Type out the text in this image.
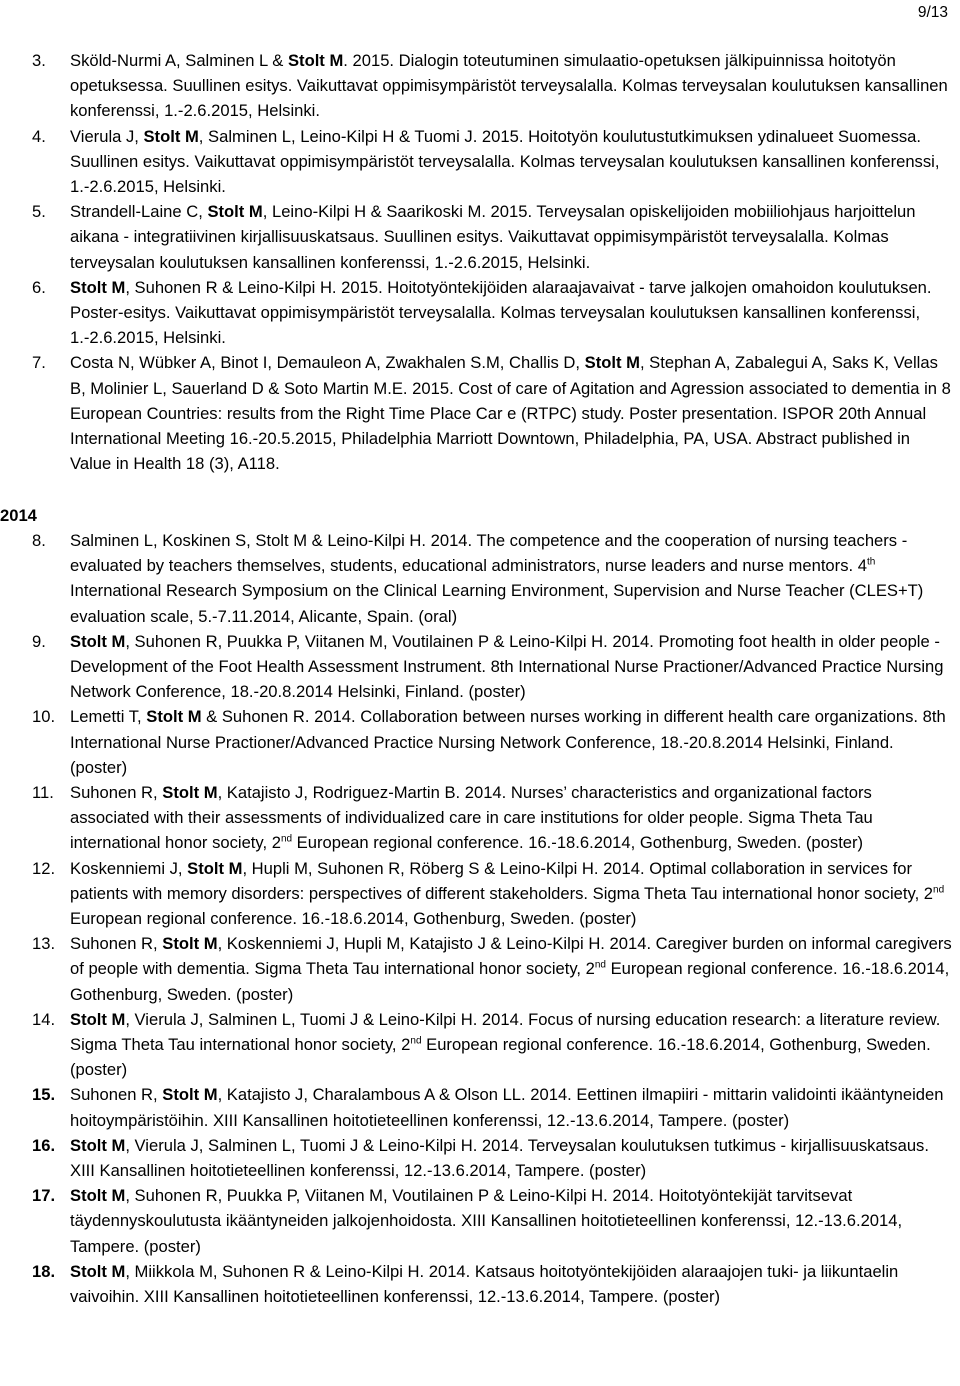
9/13
3. Sköld-Nurmi A, Salminen L & Stolt M. 2015. Dialogin toteutuminen simulaatio-opetuksen jälkipuinnissa hoitotyön opetuksessa. Suullinen esitys. Vaikuttavat oppimisympäristöt terveysalalla. Kolmas terveysalan koulutuksen kansallinen konferenssi, 1.-2.6.2015, Helsinki.
4. Vierula J, Stolt M, Salminen L, Leino-Kilpi H & Tuomi J. 2015. Hoitotyön koulutustutkimuksen ydinalueet Suomessa. Suullinen esitys. Vaikuttavat oppimisympäristöt terveysalalla. Kolmas terveysalan koulutuksen kansallinen konferenssi, 1.-2.6.2015, Helsinki.
5. Strandell-Laine C, Stolt M, Leino-Kilpi H & Saarikoski M. 2015. Terveysalan opiskelijoiden mobiiliohjaus harjoittelun aikana - integratiivinen kirjallisuuskatsaus. Suullinen esitys. Vaikuttavat oppimisympäristöt terveysalalla. Kolmas terveysalan koulutuksen kansallinen konferenssi, 1.-2.6.2015, Helsinki.
6. Stolt M, Suhonen R & Leino-Kilpi H. 2015. Hoitotyöntekijöiden alaraajavaivat - tarve jalkojen omahoidon koulutuksen. Poster-esitys. Vaikuttavat oppimisympäristöt terveysalalla. Kolmas terveysalan koulutuksen kansallinen konferenssi, 1.-2.6.2015, Helsinki.
7. Costa N, Wübker A, Binot I, Demauleon A, Zwakhalen S.M, Challis D, Stolt M, Stephan A, Zabalegui A, Saks K, Vellas B, Molinier L, Sauerland D & Soto Martin M.E. 2015. Cost of care of Agitation and Agression associated to dementia in 8 European Countries: results from the Right Time Place Car e (RTPC) study. Poster presentation. ISPOR 20th Annual International Meeting 16.-20.5.2015, Philadelphia Marriott Downtown, Philadelphia, PA, USA. Abstract published in Value in Health 18 (3), A118.
2014
8. Salminen L, Koskinen S, Stolt M & Leino-Kilpi H. 2014. The competence and the cooperation of nursing teachers - evaluated by teachers themselves, students, educational administrators, nurse leaders and nurse mentors. 4th International Research Symposium on the Clinical Learning Environment, Supervision and Nurse Teacher (CLES+T) evaluation scale, 5.-7.11.2014, Alicante, Spain. (oral)
9. Stolt M, Suhonen R, Puukka P, Viitanen M, Voutilainen P & Leino-Kilpi H. 2014. Promoting foot health in older people - Development of the Foot Health Assessment Instrument. 8th International Nurse Practioner/Advanced Practice Nursing Network Conference, 18.-20.8.2014 Helsinki, Finland. (poster)
10. Lemetti T, Stolt M & Suhonen R. 2014. Collaboration between nurses working in different health care organizations. 8th International Nurse Practioner/Advanced Practice Nursing Network Conference, 18.-20.8.2014 Helsinki, Finland. (poster)
11. Suhonen R, Stolt M, Katajisto J, Rodriguez-Martin B. 2014. Nurses’ characteristics and organizational factors associated with their assessments of individualized care in care institutions for older people. Sigma Theta Tau international honor society, 2nd European regional conference. 16.-18.6.2014, Gothenburg, Sweden. (poster)
12. Koskenniemi J, Stolt M, Hupli M, Suhonen R, Röberg S & Leino-Kilpi H. 2014. Optimal collaboration in services for patients with memory disorders: perspectives of different stakeholders. Sigma Theta Tau international honor society, 2nd European regional conference. 16.-18.6.2014, Gothenburg, Sweden. (poster)
13. Suhonen R, Stolt M, Koskenniemi J, Hupli M, Katajisto J & Leino-Kilpi H. 2014. Caregiver burden on informal caregivers of people with dementia. Sigma Theta Tau international honor society, 2nd European regional conference. 16.-18.6.2014, Gothenburg, Sweden. (poster)
14. Stolt M, Vierula J, Salminen L, Tuomi J & Leino-Kilpi H. 2014. Focus of nursing education research: a literature review. Sigma Theta Tau international honor society, 2nd European regional conference. 16.-18.6.2014, Gothenburg, Sweden. (poster)
15. Suhonen R, Stolt M, Katajisto J, Charalambous A & Olson LL. 2014. Eettinen ilmapiiri - mittarin validointi ikääntyneiden hoitoympäristöihin. XIII Kansallinen hoitotieteellinen konferenssi, 12.-13.6.2014, Tampere. (poster)
16. Stolt M, Vierula J, Salminen L, Tuomi J & Leino-Kilpi H. 2014. Terveysalan koulutuksen tutkimus - kirjallisuuskatsaus. XIII Kansallinen hoitotieteellinen konferenssi, 12.-13.6.2014, Tampere. (poster)
17. Stolt M, Suhonen R, Puukka P, Viitanen M, Voutilainen P & Leino-Kilpi H. 2014. Hoitotyöntekijät tarvitsevat täydennyskoulutusta ikääntyneiden jalkojenhoidosta. XIII Kansallinen hoitotieteellinen konferenssi, 12.-13.6.2014, Tampere. (poster)
18. Stolt M, Miikkola M, Suhonen R & Leino-Kilpi H. 2014. Katsaus hoitotyöntekijöiden alaraajojen tuki- ja liikuntaelin vaivoihin. XIII Kansallinen hoitotieteellinen konferenssi, 12.-13.6.2014, Tampere. (poster)
